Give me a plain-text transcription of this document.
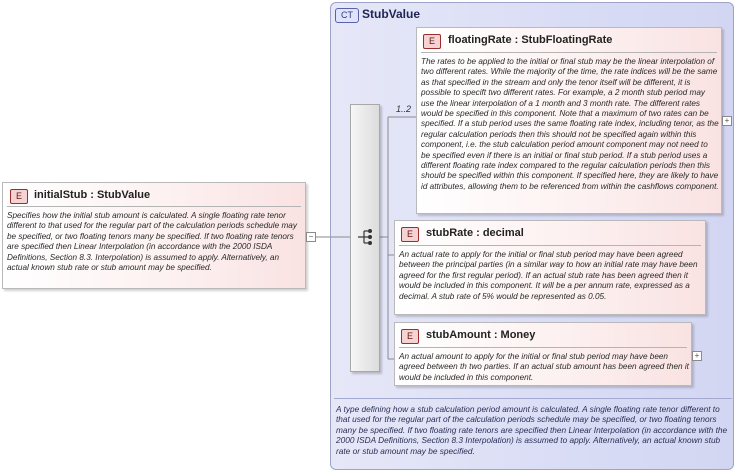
CT StubValue
E	initialStub : StubValue
Specifies how the initial stub amount is calculated. A single floating rate tenor different to that used for the regular part of the calculation periods schedule may be specified, or two floating tenors many be specified. If two floating rate tenors are specified then Linear Interpolation (in accordance with the 2000 ISDA Definitions, Section 8.3. Interpolation) is assumed to apply. Alternatively, an actual known stub rate or stub amount may be specified.
−
1..2
E	floatingRate : StubFloatingRate
The rates to be applied to the initial or final stub may be the linear interpolation of two different rates. While the majority of the time, the rate indices will be the same as that specified in the stream and only the tenor itself will be different, it is possible to specift two different rates. For example, a 2 month stub period may use the linear interpolation of a 1 month and 3 month rate. The different rates would be specified in this component. Note that a maximum of two rates can be specified. If a stub period uses the same floating rate index, including tenor, as the regular calculation periods then this should not be specified again within this component, i.e. the stub calculation period amount component may not need to be specified even if there is an initial or final stub period. If a stub period uses a different floating rate index compared to the regular calculation periods then this should be specified within this component. If specified here, they are likely to have id attributes, allowing them to be referenced from within the cashflows component.
+
E	stubRate : decimal
An actual rate to apply for the initial or final stub period may have been agreed between the principal parties (in a similar way to how an initial rate may have been agreed for the first regular period). If an actual stub rate has been agreed then it would be included in this component. It will be a per annum rate, expressed as a decimal. A stub rate of 5% would be represented as 0.05.
E	stubAmount : Money
An actual amount to apply for the initial or final stub period may have been agreed between th two parties. If an actual stub amount has been agreed then it would be included in this component.
+
A type defining how a stub calculation period amount is calculated. A single floating rate tenor different to that used for the regular part of the calculation periods schedule may be specified, or two floating tenors many be specified. If two floating rate tenors are specified then Linear Interpolation (in accordance with the 2000 ISDA Definitions, Section 8.3 Interpolation) is assumed to apply. Alternatively, an actual known stub rate or stub amount may be specified.
